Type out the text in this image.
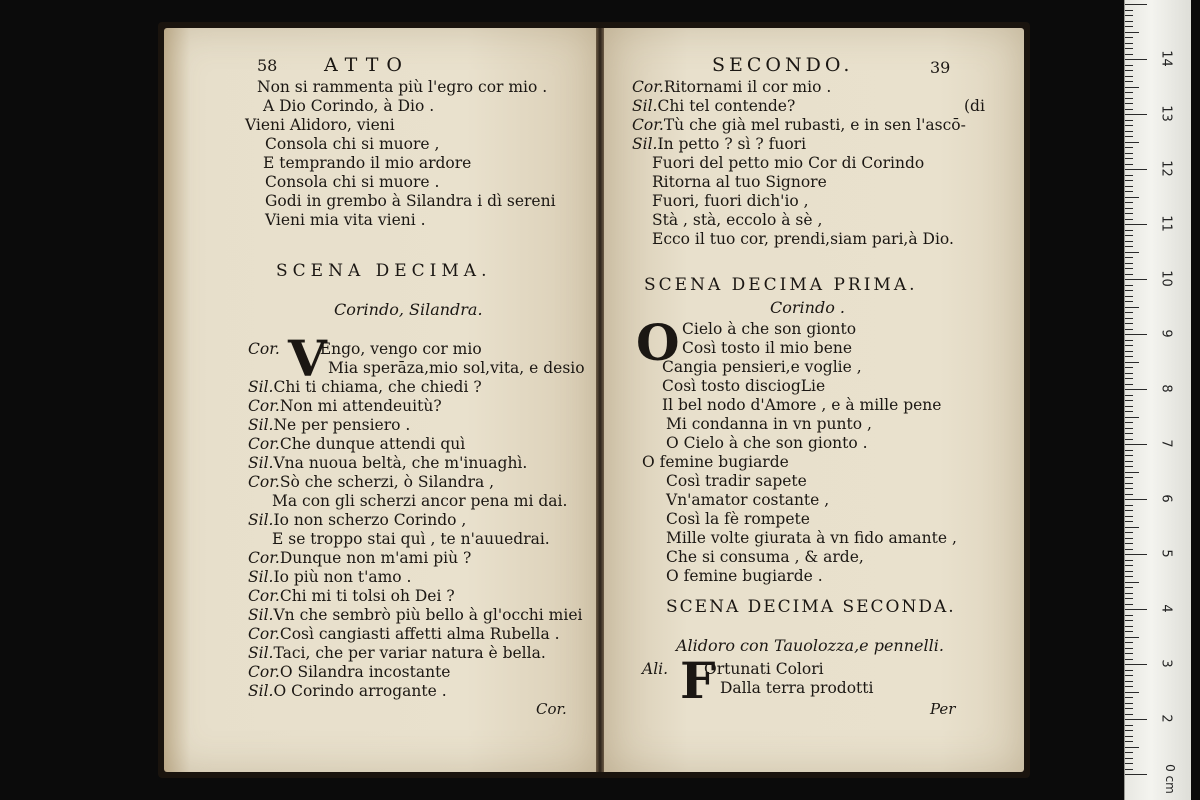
58 ATTO
Non si rammenta più l'egro cor mio .
A Dio Corindo, à Dio .
Vieni Alidoro, vieni
Consola chi si muore ,
E temprando il mio ardore
Consola chi si muore .
Godi in grembo à Silandra i dì sereni
Vieni mia vita vieni .
SCENA DECIMA.
Corindo, Silandra.
V
Cor.	Engo, vengo cor mio
Mia sperāza,mio sol,vita, e desio
Sil.Chi ti chiama, che chiedi ?
Cor.Non mi attendeuitù?
Sil.Ne per pensiero .
Cor.Che dunque attendi quì
Sil.Vna nuoua beltà, che m'inuaghì.
Cor.Sò che scherzi, ò Silandra ,
Ma con gli scherzi ancor pena mi dai.
Sil.Io non scherzo Corindo ,
E se troppo stai quì , te n'auuedrai.
Cor.Dunque non m'ami più ?
Sil.Io più non t'amo .
Cor.Chi mi ti tolsi oh Dei ?
Sil.Vn che sembrò più bello à gl'occhi miei
Cor.Così cangiasti affetti alma Rubella .
Sil.Taci, che per variar natura è bella.
Cor.O Silandra incostante
Sil.O Corindo arrogante .
Cor.
SECONDO.	39
Cor.Ritornami il cor mio .
Sil.Chi tel contende?	(di
Cor.Tù che già mel rubasti, e in sen l'ascō-
Sil.In petto ? sì ? fuori
Fuori del petto mio Cor di Corindo
Ritorna al tuo Signore
Fuori, fuori dich'io ,
Stà , stà, eccolo à sè ,
Ecco il tuo cor, prendi,siam pari,à Dio.
SCENA DECIMA PRIMA.
Corindo .
O Cielo à che son gionto
Così tosto il mio bene
Cangia pensieri,e voglie ,
Così tosto disciogLie
Il bel nodo d'Amore , e à mille pene
Mi condanna in vn punto ,
O Cielo à che son gionto .
O femine bugiarde
Così tradir sapete
Vn'amator costante ,
Così la fè rompete
Mille volte giurata à vn fido amante ,
Che si consuma , & arde,
O femine bugiarde .
SCENA DECIMA SECONDA.
Alidoro con Tauolozza,e pennelli.
F
Ali. Ortunati Colori
Dalla terra prodotti
Per
0 cm
14
13
12
11
10
9
8
7
6
5
4
3
2
